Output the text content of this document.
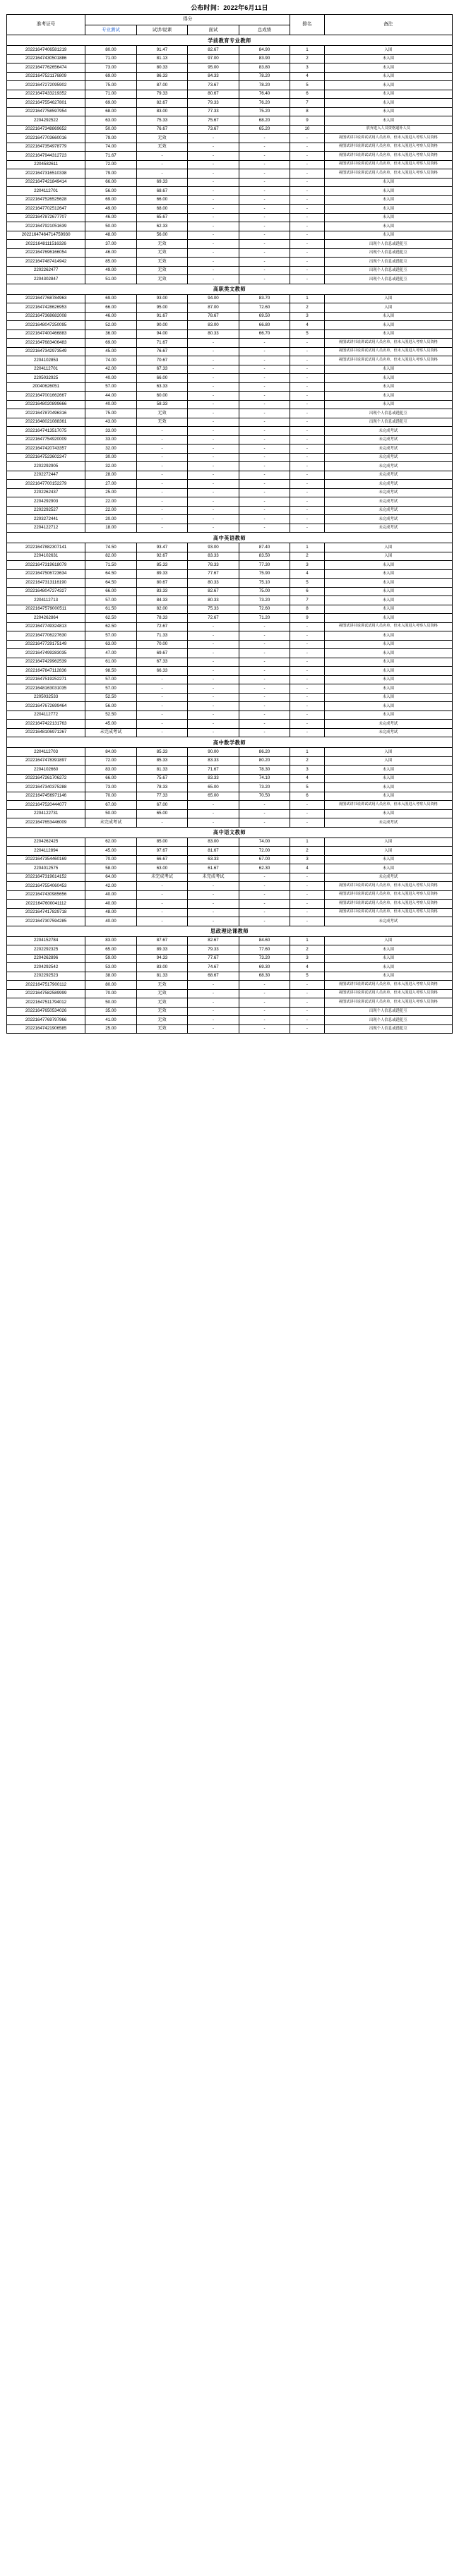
公布时间：2022年6月11日
准考证号	得分				排名	备注
	专业测试	试讲/说课	面试	总成绩		
学前教育专业教师						
20221647406581219	80.00	91.47	82.67	84.90	1	入围
20221647430501886	71.00	81.13	97.00	83.90	2	未入围
20221647762656474	73.00	80.33	95.00	83.80	3	未入围
20221647521176809	69.00	86.33	84.33	78.20	4	未入围
20221647272095902	75.00	87.00	73.67	78.20	5	未入围
20221647433219352	71.00	79.33	80.67	76.40	6	未入围
20221647554627801	69.00	82.67	79.33	76.20	7	未入围
20221647758597954	68.00	83.00	77.33	75.20	8	未入围
2204292522	63.00	75.33	75.67	68.20	9	未入围
20221647348869652	50.00	76.67	73.67	65.20	10	放弃进入人员资格递补人员
20221647703660016	79.00	无效	-	-	-	视图试讲书说讲试试用人员名单，但未入围进入考察人员资格
20221647354978779	74.00	无效	-	-	-	视图试讲书说讲试试用人员名单，但未入围进入考察人员资格
20221647944312723	71.67	-	-	-	-	视图试讲书说讲试试用人员名单，但未入围进入考察人员资格
2204582611	72.00	-	-	-	-	视图试讲书说讲试试用人员名单，但未入围进入考察人员资格
20221647316510338	79.00	-	-	-	-	视图试讲书说讲试试用人员名单，但未入围进入考察人员资格
20221647421849414	66.00	69.33	-	-	-	未入围
2204112701	56.00	68.67	-	-	-	未入围
20221647526525628	69.00	66.00	-	-	-	未入围
20221647702512647	49.00	68.00	-	-	-	未入围
20221647872677707	46.00	65.67	-	-	-	未入围
20221647921051639	50.00	62.33	-	-	-	未入围
20221647464714759930	48.00	56.00	-	-	-	未入围
20221648111516326	37.00	无效	-	-	-	出现个人信息或透犯互
20221647696166054	46.00	无效	-	-	-	出现个人信息或透犯互
20221647487414942	85.00	无效	-	-	-	出现个人信息或透犯互
2202262477	49.00	无效	-	-	-	出现个人信息或透犯互
2204302847	51.00	无效	-	-	-	出现个人信息或透犯互
高职类文教师						
20221647768784963	69.00	93.00	94.00	83.70	1	入围
20221647428626953	66.00	95.00	87.00	72.60	2	入围
20221647368682008	46.00	91.67	78.67	69.50	3	未入围
20221648047250095	52.00	90.00	83.00	66.80	4	未入围
20221647400466883	36.00	94.00	80.33	66.70	5	未入围
20221647683406483	69.00	71.67	-	-	-	视图试讲书说讲试试用人员名单，但未入围进入考察人员资格
20221647342973549	45.00	76.67	-	-	-	视图试讲书说讲试试用人员名单，但未入围进入考察人员资格
2204102853	74.00	70.67	-	-	-	视图试讲书说讲试试用人员名单，但未入围进入考察人员资格
2204112701	42.00	67.33	-	-	-	未入围
2205032925	40.00	66.00	-	-	-	未入围
20040626051	57.00	63.33	-	-	-	未入围
20221647001662667	44.00	60.00	-	-	-	未入围
20221648020899666	40.00	58.33	-	-	-	未入围
20221647870496316	75.00	无效	-	-	-	出现个人信息或透犯互
20221648021088361	43.00	无效	-	-	-	出现个人信息或透犯互
20221647413517075	33.00	-	-	-	-	未完成考试
20221647754920009	33.00	-	-	-	-	未完成考试
20221647420743357	32.00	-	-	-	-	未完成考试
20221647523602247	30.00	-	-	-	-	未完成考试
2202292905	32.00	-	-	-	-	未完成考试
2202272447	28.00	-	-	-	-	未完成考试
20221647700152279	27.00	-	-	-	-	未完成考试
2202262437	25.00	-	-	-	-	未完成考试
2204292903	22.00	-	-	-	-	未完成考试
2202292527	22.00	-	-	-	-	未完成考试
2203272441	20.00	-	-	-	-	未完成考试
2204122712	18.00	-	-	-	-	未完成考试
高中英语教师						
20221647882307141	74.50	93.47	93.00	87.40	1	入围
2204102631	82.00	92.67	83.33	83.50	2	入围
20221647319618079	71.50	85.33	78.33	77.30	3	未入围
20221647506723634	64.50	89.33	77.67	75.90	4	未入围
20221647313116190	64.50	80.67	80.33	75.10	5	未入围
20221648047274327	66.00	83.33	82.67	75.00	6	未入围
2204112713	57.00	84.33	80.33	73.20	7	未入围
20221647579000511	61.50	82.00	75.33	72.60	8	未入围
2204262864	62.50	78.33	72.67	71.20	9	未入围
20221647749324813	62.50	72.67	-	-	-	视图试讲书说讲试试用人员名单，但未入围进入考察人员资格
20221647706227630	57.00	71.33	-	-	-	未入围
20221647729175149	63.00	70.00	-	-	-	未入围
20221647499283035	47.00	69.67	-	-	-	未入围
20221647429962539	61.00	67.33	-	-	-	未入围
20221647847112836	98.50	66.33	-	-	-	未入围
20221647519252271	57.00	-	-	-	-	未入围
20221648163031035	57.00	-	-	-	-	未入围
2205032533	52.50	-	-	-	-	未入围
20221647672699464	56.00	-	-	-	-	未入围
2204112772	52.50	-	-	-	-	未入围
20221647422131763	45.00	-	-	-	-	未完成考试
20221648106971267	未完成考试	-	-	-	-	未完成考试
高中数学教师						
2204112703	84.00	85.33	90.00	86.20	1	入围
20221647478391897	72.00	85.33	83.33	80.20	2	入围
2204102660	83.00	81.33	71.67	78.30	3	未入围
20221647261706272	66.00	75.67	83.33	74.10	4	未入围
20221647340375288	73.00	78.33	65.00	73.20	5	未入围
20221647456971146	70.00	77.33	65.00	70.50	6	未入围
20221647520444077	67.00	67.00	-	-	-	视图试讲书说讲试试用人员名单，但未入围进入考察人员资格
2204122731	50.00	65.00	-	-	-	未入围
20221647653446009	未完成考试	-	-	-	-	未完成考试
高中语文教师						
2204262425	62.00	85.00	83.00	74.00	1	入围
2204112894	45.00	97.67	81.67	72.00	2	入围
20221647354460169	70.00	66.67	63.33	67.00	3	未入围
2204012575	58.00	63.00	61.67	62.30	4	未入围
20221647319614152	64.00	未完成考试	未完成考试	-	-	未完成考试
20221647554060453	42.00	-	-	-	-	视图试讲书说讲试试用人员名单，但未入围进入考察人员资格
20221647430985656	40.00	-	-	-	-	视图试讲书说讲试试用人员名单，但未入围进入考察人员资格
20221647600041112	40.00	-	-	-	-	视图试讲书说讲试试用人员名单，但未入围进入考察人员资格
20221647417829718	48.00	-	-	-	-	视图试讲书说讲试试用人员名单，但未入围进入考察人员资格
20221647307594285	40.00	-	-	-	-	未完成考试
思政理论课教师						
2204152784	83.00	87.67	82.67	84.60	1	入围
2202292325	65.00	89.33	79.33	77.60	2	未入围
2204262896	59.00	94.33	77.67	73.20	3	未入围
2204292542	53.00	83.00	74.67	69.30	4	未入围
2202292523	38.00	81.33	68.67	68.30	5	未入围
20221647517900112	80.00	无效	-	-	-	视图试讲书说讲试试用人员名单，但未入围进入考察人员资格
20221647582589999	70.00	无效	-	-	-	视图试讲书说讲试试用人员名单，但未入围进入考察人员资格
20221647511794012	50.00	无效	-	-	-	视图试讲书说讲试试用人员名单，但未入围进入考察人员资格
20221647650534026	35.00	无效	-	-	-	出现个人信息或透犯互
20221647769797966	41.00	无效	-	-	-	出现个人信息或透犯互
20221647421906585	25.00	无效	-	-	-	出现个人信息或透犯互
